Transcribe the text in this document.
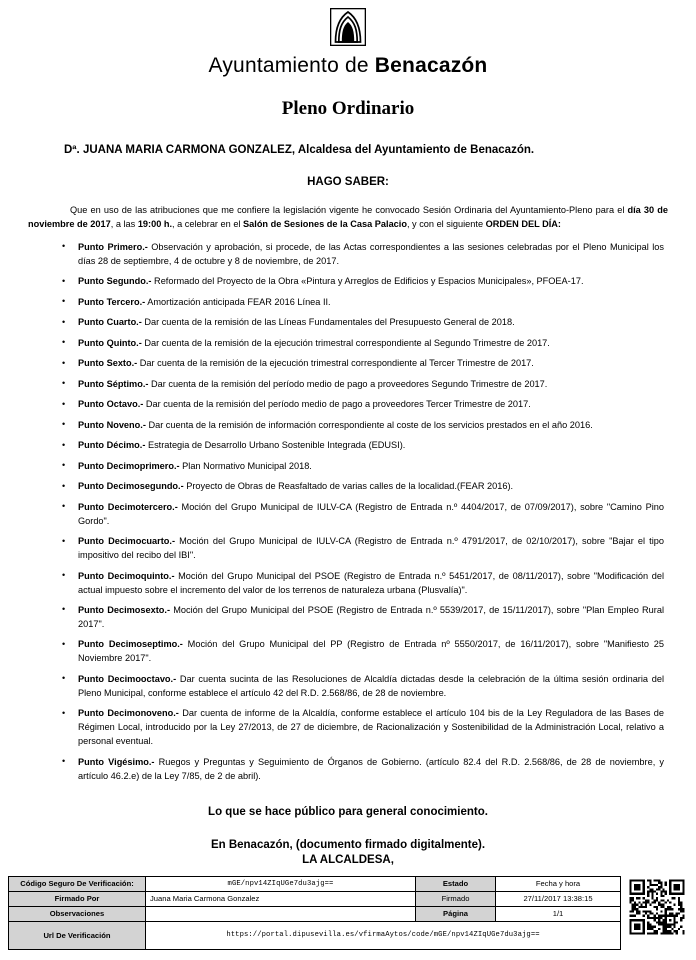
Ayuntamiento de Benacazón
Pleno Ordinario
Dª. JUANA MARIA CARMONA GONZALEZ, Alcaldesa del Ayuntamiento de Benacazón.
HAGO SABER:

Que en uso de las atribuciones que me confiere la legislación vigente he convocado Sesión Ordinaria del Ayuntamiento-Pleno para el día 30 de noviembre de 2017, a las 19:00 h., a celebrar en el Salón de Sesiones de la Casa Palacio, y con el siguiente ORDEN DEL DÍA:

• Punto Primero.- Observación y aprobación, si procede, de las Actas correspondientes a las sesiones celebradas por el Pleno Municipal los días 28 de septiembre, 4 de octubre y 8 de noviembre, de 2017.
• Punto Segundo.- Reformado del Proyecto de la Obra «Pintura y Arreglos de Edificios y Espacios Municipales», PFOEA-17.
• Punto Tercero.- Amortización anticipada FEAR 2016 Línea II.
• Punto Cuarto.- Dar cuenta de la remisión de las Líneas Fundamentales del Presupuesto General de 2018.
• Punto Quinto.- Dar cuenta de la remisión de la ejecución trimestral correspondiente al Segundo Trimestre de 2017.
• Punto Sexto.- Dar cuenta de la remisión de la ejecución trimestral correspondiente al Tercer Trimestre de 2017.
• Punto Séptimo.- Dar cuenta de la remisión del período medio de pago a proveedores Segundo Trimestre de 2017.
• Punto Octavo.- Dar cuenta de la remisión del período medio de pago a proveedores Tercer Trimestre de 2017.
• Punto Noveno.- Dar cuenta de la remisión de información correspondiente al coste de los servicios prestados en el año 2016.
• Punto Décimo.- Estrategia de Desarrollo Urbano Sostenible Integrada (EDUSI).
• Punto Decimoprimero.- Plan Normativo Municipal 2018.
• Punto Decimosegundo.- Proyecto de Obras de Reasfaltado de varias calles de la localidad.(FEAR 2016).
• Punto Decimotercero.- Moción del Grupo Municipal de IULV-CA (Registro de Entrada n.º 4404/2017, de 07/09/2017), sobre "Camino Pino Gordo".
• Punto Decimocuarto.- Moción del Grupo Municipal de IULV-CA (Registro de Entrada n.º 4791/2017, de 02/10/2017), sobre "Bajar el tipo impositivo del recibo del IBI".
• Punto Decimoquinto.- Moción del Grupo Municipal del PSOE (Registro de Entrada n.º 5451/2017, de 08/11/2017), sobre "Modificación del actual impuesto sobre el incremento del valor de los terrenos de naturaleza urbana (Plusvalía)".
• Punto Decimosexto.- Moción del Grupo Municipal del PSOE (Registro de Entrada n.º 5539/2017, de 15/11/2017), sobre "Plan Empleo Rural 2017".
• Punto Decimoseptimo.- Moción del Grupo Municipal del PP (Registro de Entrada nº 5550/2017, de 16/11/2017), sobre "Manifiesto 25 Noviembre 2017".
• Punto Decimooctavo.- Dar cuenta sucinta de las Resoluciones de Alcaldía dictadas desde la celebración de la última sesión ordinaria del Pleno Municipal, conforme establece el artículo 42 del R.D. 2.568/86, de 28 de noviembre.
• Punto Decimonoveno.- Dar cuenta de informe de la Alcaldía, conforme establece el artículo 104 bis de la Ley Reguladora de las Bases de Régimen Local, introducido por la Ley 27/2013, de 27 de diciembre, de Racionalización y Sostenibilidad de la Administración Local, relativo a personal eventual.
• Punto Vigésimo.- Ruegos y Preguntas y Seguimiento de Órganos de Gobierno. (artículo 82.4 del R.D. 2.568/86, de 28 de noviembre, y artículo 46.2.e) de la Ley 7/85, de 2 de abril).
Lo que se hace público para general conocimiento.
En Benacazón, (documento firmado digitalmente).
LA ALCALDESA,
Código Seguro De Verificación:	mGE/npv14ZIqUGe7du3ajg==	Estado	Fecha y hora
Firmado Por	Juana Maria Carmona Gonzalez	Firmado	27/11/2017 13:38:15
Observaciones		Página	1/1
Url De Verificación	https://portal.dipusevilla.es/vfirmaAytos/code/mGE/npv14ZIqUGe7du3ajg==		
